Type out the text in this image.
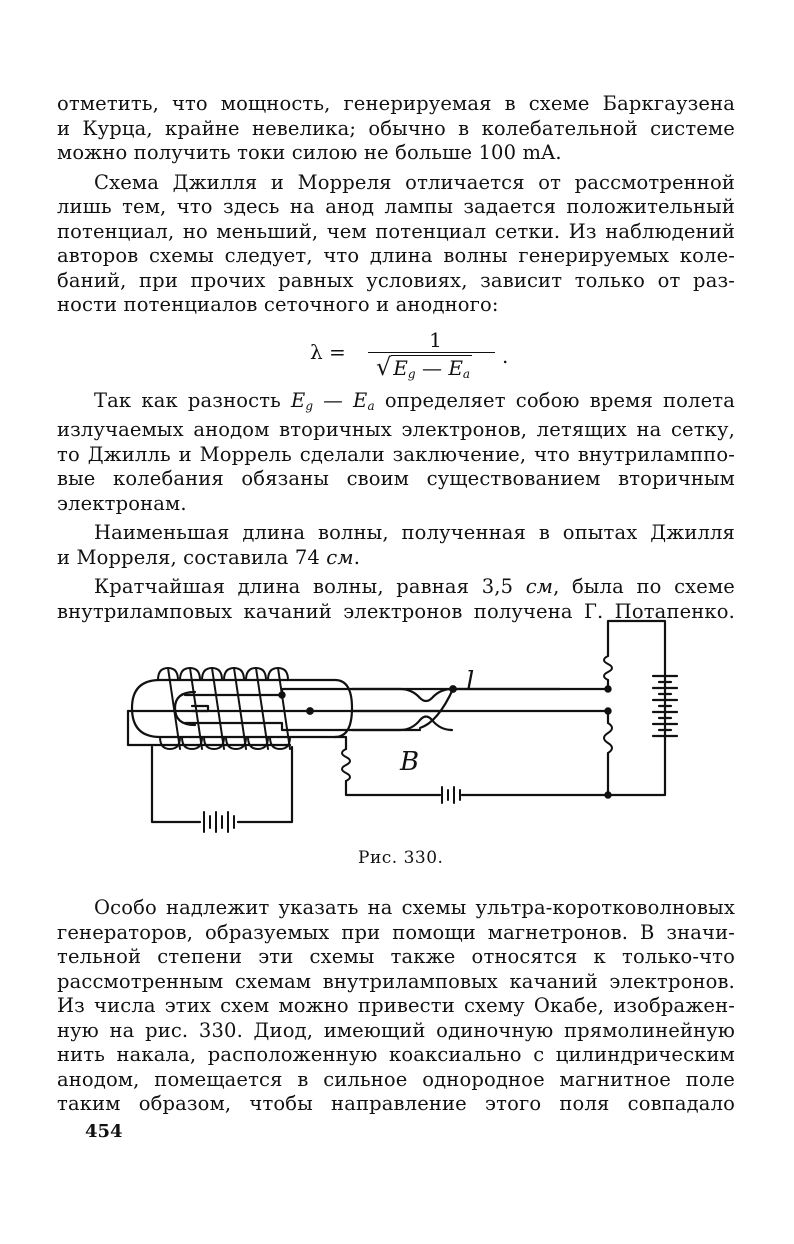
отметить, что мощность, генерируемая в схеме Баркгаузена
и Курца, крайне невелика; обычно в колебательной системе
можно получить токи силою не больше 100 mA.
Схема Джилля и Морреля отличается от рассмотренной
лишь тем, что здесь на анод лампы задается положительный
потенциал, но меньший, чем потенциал сетки. Из наблюдений
авторов схемы следует, что длина волны генерируемых коле-
баний, при прочих равных условиях, зависит только от раз-
ности потенциалов сеточного и анодного:
Так как разность $E_g$ — $E_a$ определяет собою время полета
излучаемых анодом вторичных электронов, летящих на сетку,
то Джилль и Моррель сделали заключение, что внутриламппо-
вые колебания обязаны своим существованием вторичным
электронам.
Наименьшая длина волны, полученная в опытах Джилля
и Морреля, составила 74 см.
Кратчайшая длина волны, равная 3,5 см, была по схеме
внутриламповых качаний электронов получена Г. Потапенко.
λ =	1
√ $E_g$ — $E_a$
.
l
B
Рис. 330.
Особо надлежит указать на схемы ультра-коротковолновых
генераторов, образуемых при помощи магнетронов. В значи-
тельной степени эти схемы также относятся к только-что
рассмотренным схемам внутриламповых качаний электронов.
Из числа этих схем можно привести схему Окабе, изображен-
ную на рис. 330. Диод, имеющий одиночную прямолинейную
нить накала, расположенную коаксиально с цилиндрическим
анодом, помещается в сильное однородное магнитное поле
таким образом, чтобы направление этого поля совпадало
454
